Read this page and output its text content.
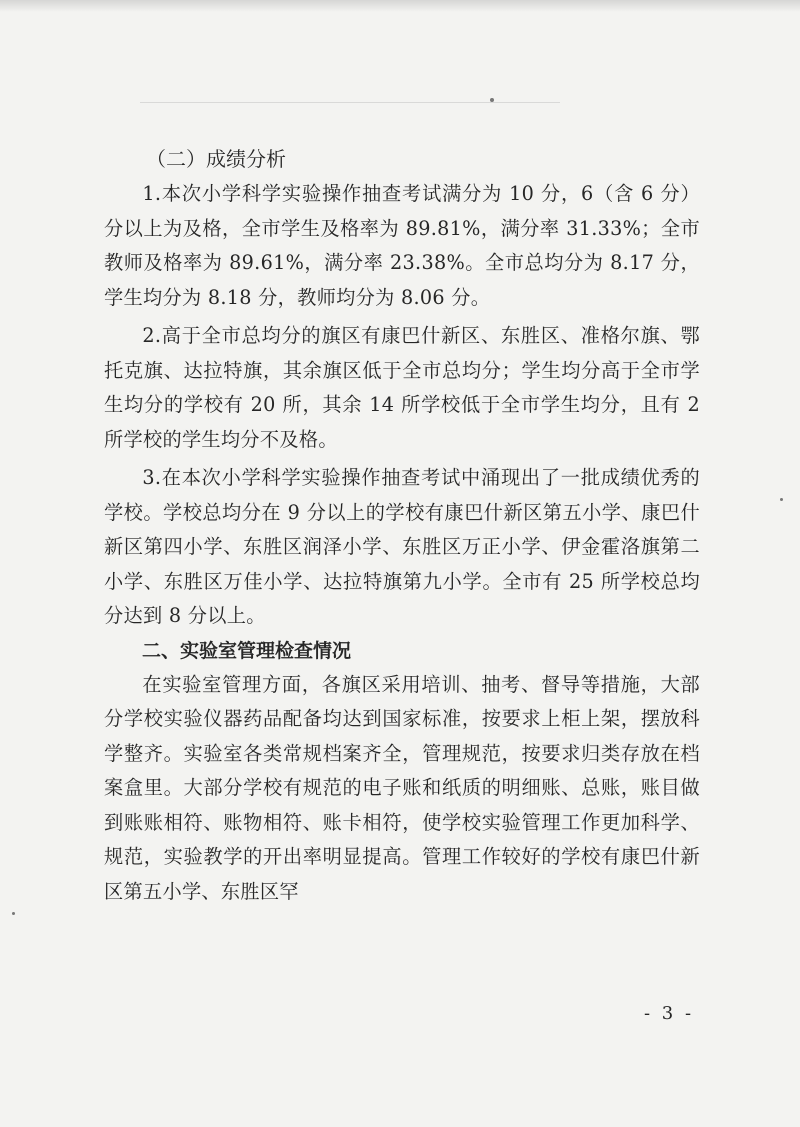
（二）成绩分析

1.本次小学科学实验操作抽查考试满分为 10 分，6（含 6 分）分以上为及格，全市学生及格率为 89.81%，满分率 31.33%；全市教师及格率为 89.61%，满分率 23.38%。全市总均分为 8.17 分，学生均分为 8.18 分，教师均分为 8.06 分。

2.高于全市总均分的旗区有康巴什新区、东胜区、准格尔旗、鄂托克旗、达拉特旗，其余旗区低于全市总均分；学生均分高于全市学生均分的学校有 20 所，其余 14 所学校低于全市学生均分，且有 2 所学校的学生均分不及格。

3.在本次小学科学实验操作抽查考试中涌现出了一批成绩优秀的学校。学校总均分在 9 分以上的学校有康巴什新区第五小学、康巴什新区第四小学、东胜区润泽小学、东胜区万正小学、伊金霍洛旗第二小学、东胜区万佳小学、达拉特旗第九小学。全市有 25 所学校总均分达到 8 分以上。

二、实验室管理检查情况

在实验室管理方面，各旗区采用培训、抽考、督导等措施，大部分学校实验仪器药品配备均达到国家标准，按要求上柜上架，摆放科学整齐。实验室各类常规档案齐全，管理规范，按要求归类存放在档案盒里。大部分学校有规范的电子账和纸质的明细账、总账，账目做到账账相符、账物相符、账卡相符，使学校实验管理工作更加科学、规范，实验教学的开出率明显提高。管理工作较好的学校有康巴什新区第五小学、东胜区罕

- 3 -
